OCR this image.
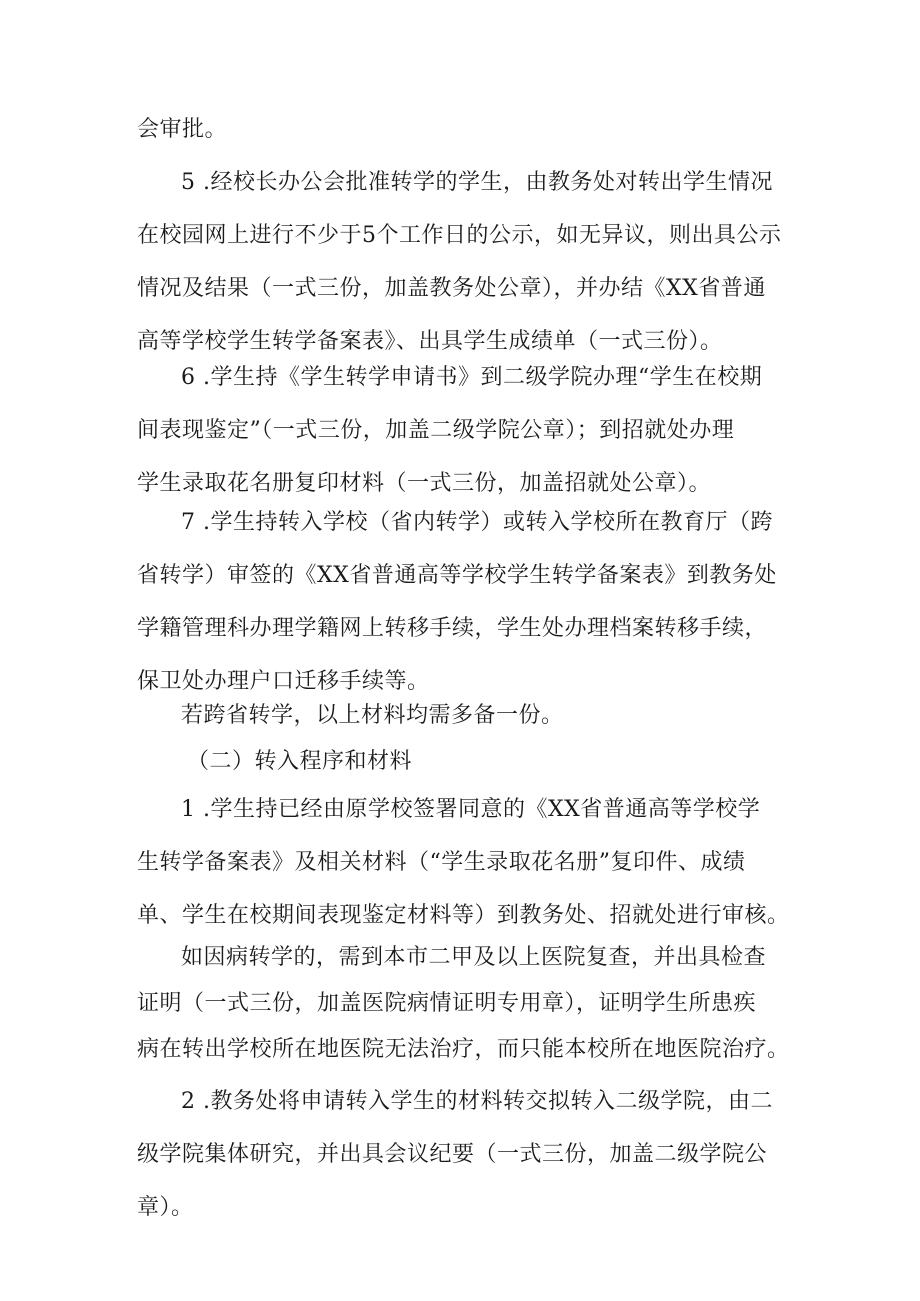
会审批。

5 .经校长办公会批准转学的学生，由教务处对转出学生情况
在校园网上进行不少于5个工作日的公示，如无异议，则出具公示
情况及结果（一式三份，加盖教务处公章），并办结《XX省普通
高等学校学生转学备案表》、出具学生成绩单（一式三份）。

6 .学生持《学生转学申请书》到二级学院办理“学生在校期
间表现鉴定”（一式三份，加盖二级学院公章）；到招就处办理
学生录取花名册复印材料（一式三份，加盖招就处公章）。

7 .学生持转入学校（省内转学）或转入学校所在教育厅（跨
省转学）审签的《XX省普通高等学校学生转学备案表》到教务处
学籍管理科办理学籍网上转移手续，学生处办理档案转移手续，
保卫处办理户口迁移手续等。

若跨省转学，以上材料均需多备一份。

（二）转入程序和材料

1 .学生持已经由原学校签署同意的《XX省普通高等学校学
生转学备案表》及相关材料（“学生录取花名册”复印件、成绩
单、学生在校期间表现鉴定材料等）到教务处、招就处进行审核。

如因病转学的，需到本市二甲及以上医院复查，并出具检查
证明（一式三份，加盖医院病情证明专用章），证明学生所患疾
病在转出学校所在地医院无法治疗，而只能本校所在地医院治疗。

2 .教务处将申请转入学生的材料转交拟转入二级学院，由二
级学院集体研究，并出具会议纪要（一式三份，加盖二级学院公
章）。
